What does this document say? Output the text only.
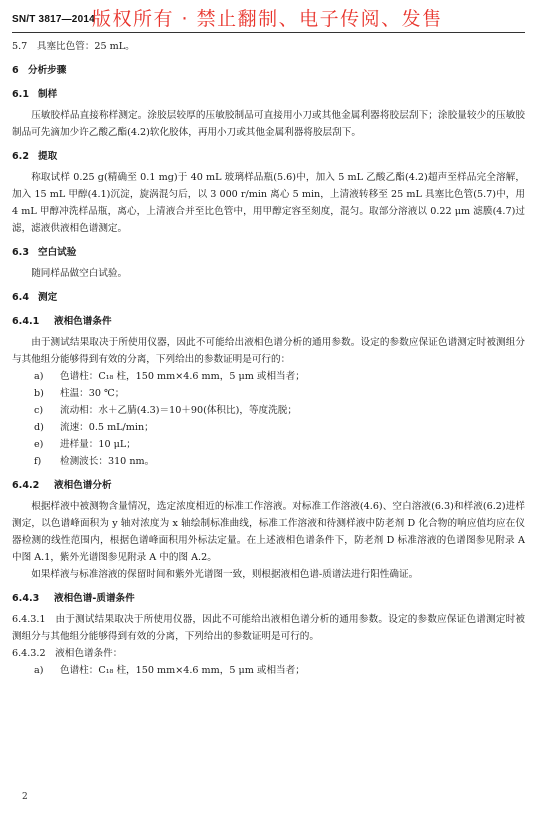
SN/T 3817—2014
版权所有 · 禁止翻制、电子传阅、发售

5.7　具塞比色管：25 mL。

6 分析步骤

6.1 制样

压敏胶样品直接称样测定。涂胶层较厚的压敏胶制品可直接用小刀或其他金属利器将胶层刮下；涂胶量较少的压敏胶制品可先滴加少许乙酸乙酯(4.2)软化胶体，再用小刀或其他金属利器将胶层刮下。

6.2 提取

称取试样 0.25 g(精确至 0.1 mg)于 40 mL 玻璃样品瓶(5.6)中，加入 5 mL 乙酸乙酯(4.2)超声至样品完全溶解，加入 15 mL 甲醇(4.1)沉淀，旋涡混匀后，以 3 000 r/min 离心 5 min，上清液转移至 25 mL 具塞比色管(5.7)中，用 4 mL 甲醇冲洗样品瓶，离心，上清液合并至比色管中，用甲醇定容至刻度，混匀。取部分溶液以 0.22 μm 滤膜(4.7)过滤，滤液供液相色谱测定。

6.3 空白试验

随同样品做空白试验。

6.4 测定

6.4.1 液相色谱条件

由于测试结果取决于所使用仪器，因此不可能给出液相色谱分析的通用参数。设定的参数应保证色谱测定时被测组分与其他组分能够得到有效的分离，下列给出的参数证明是可行的：

a) 色谱柱：C₁₈ 柱，150 mm×4.6 mm，5 μm 或相当者；

b) 柱温：30 ℃；

c) 流动相：水＋乙腈(4.3)＝10＋90(体积比)，等度洗脱；

d) 流速：0.5 mL/min；

e) 进样量：10 μL；

f) 检测波长：310 nm。

6.4.2 液相色谱分析

根据样液中被测物含量情况，选定浓度相近的标准工作溶液。对标准工作溶液(4.6)、空白溶液(6.3)和样液(6.2)进样测定，以色谱峰面积为 y 轴对浓度为 x 轴绘制标准曲线，标准工作溶液和待测样液中防老剂 D 化合物的响应值均应在仪器检测的线性范围内，根据色谱峰面积用外标法定量。在上述液相色谱条件下，防老剂 D 标准溶液的色谱图参见附录 A 中图 A.1，紫外光谱图参见附录 A 中的图 A.2。

如果样液与标准溶液的保留时间和紫外光谱图一致，则根据液相色谱-质谱法进行阳性确证。

6.4.3 液相色谱-质谱条件

6.4.3.1　由于测试结果取决于所使用仪器，因此不可能给出液相色谱分析的通用参数。设定的参数应保证色谱测定时被测组分与其他组分能够得到有效的分离，下列给出的参数证明是可行的。

6.4.3.2　液相色谱条件：

a) 色谱柱：C₁₈ 柱，150 mm×4.6 mm，5 μm 或相当者；

2
